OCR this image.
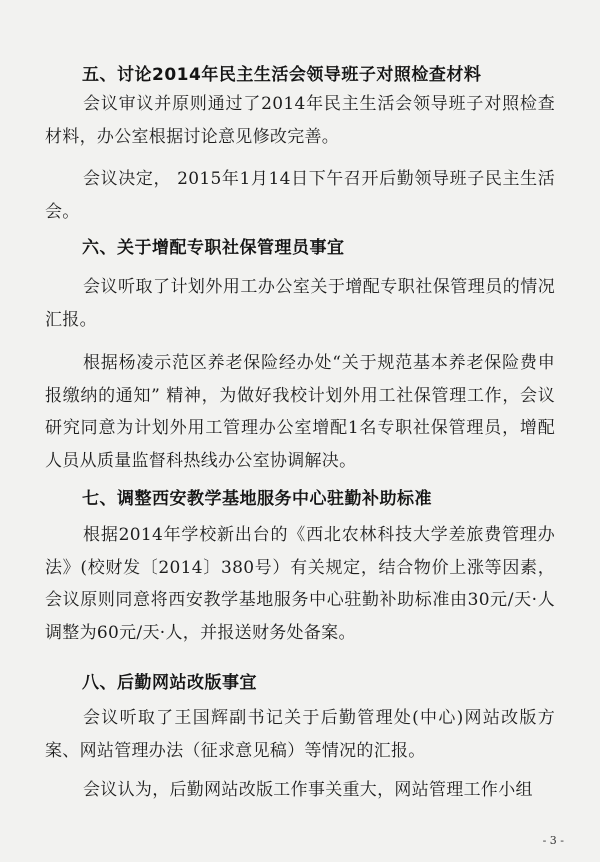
五、讨论2014年民主生活会领导班子对照检查材料

会议审议并原则通过了2014年民主生活会领导班子对照检查材料，办公室根据讨论意见修改完善。

会议决定， 2015年1月14日下午召开后勤领导班子民主生活会。

六、关于增配专职社保管理员事宜

会议听取了计划外用工办公室关于增配专职社保管理员的情况汇报。

根据杨凌示范区养老保险经办处“关于规范基本养老保险费申报缴纳的通知” 精神，为做好我校计划外用工社保管理工作，会议研究同意为计划外用工管理办公室增配1名专职社保管理员，增配人员从质量监督科热线办公室协调解决。

七、调整西安教学基地服务中心驻勤补助标准

根据2014年学校新出台的《西北农林科技大学差旅费管理办法》(校财发〔2014〕380号）有关规定，结合物价上涨等因素，会议原则同意将西安教学基地服务中心驻勤补助标准由30元/天·人调整为60元/天·人，并报送财务处备案。

八、后勤网站改版事宜

会议听取了王国辉副书记关于后勤管理处(中心)网站改版方案、网站管理办法（征求意见稿）等情况的汇报。

会议认为，后勤网站改版工作事关重大，网站管理工作小组

- 3 -
